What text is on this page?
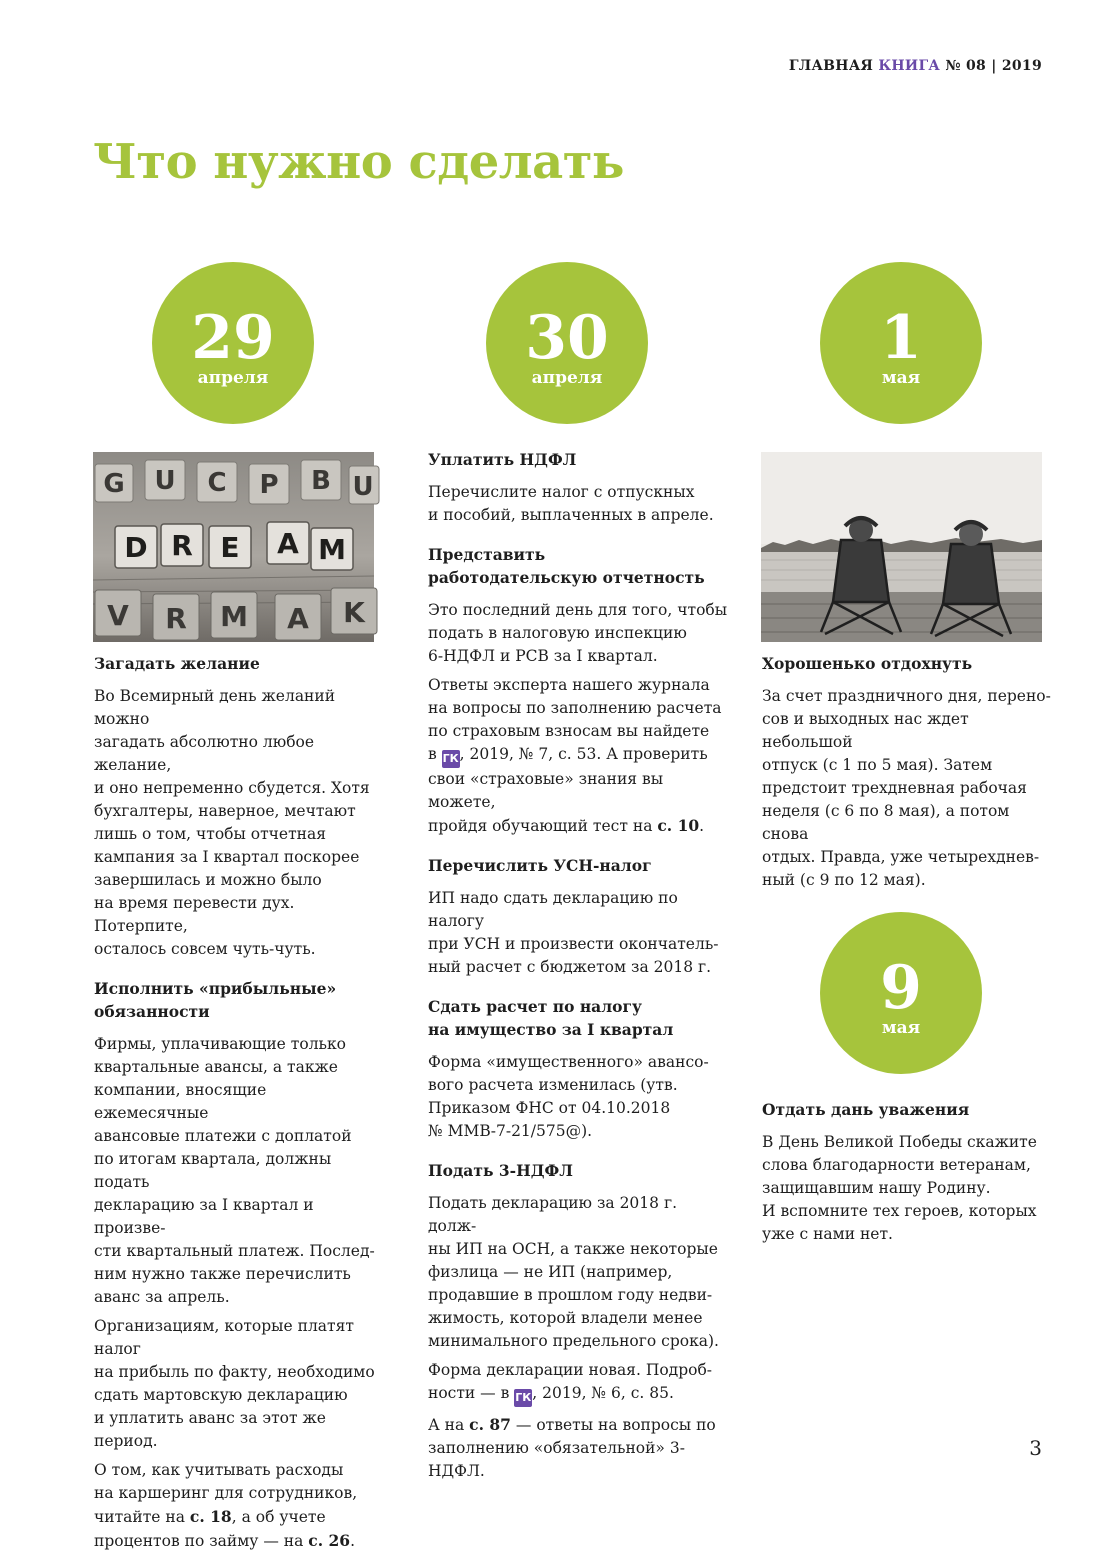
ГЛАВНАЯ КНИГА № 08 | 2019
Что нужно сделать
29
апреля
30
апреля
1
мая
9
мая
G U C P B U
D R E A M
V R M A K
Загадать желание

Во Всемирный день желаний можно
загадать абсолютно любое желание,
и оно непременно сбудется. Хотя
бухгалтеры, наверное, мечтают
лишь о том, чтобы отчетная
кампания за I квартал поскорее
завершилась и можно было
на время перевести дух. Потерпите,
осталось совсем чуть-чуть.

Исполнить «прибыльные»
обязанности

Фирмы, уплачивающие только
квартальные авансы, а также
компании, вносящие ежемесячные
авансовые платежи с доплатой
по итогам квартала, должны подать
декларацию за I квартал и произве-
сти квартальный платеж. Послед-
ним нужно также перечислить
аванс за апрель.

Организациям, которые платят налог
на прибыль по факту, необходимо
сдать мартовскую декларацию
и уплатить аванс за этот же период.

О том, как учитывать расходы
на каршеринг для сотрудников,
читайте на с. 18, а об учете
процентов по займу — на с. 26.

Уплатить НДФЛ

Перечислите налог с отпускных
и пособий, выплаченных в апреле.

Представить
работодательскую отчетность

Это последний день для того, чтобы
подать в налоговую инспекцию
6-НДФЛ и РСВ за I квартал.

Ответы эксперта нашего журнала
на вопросы по заполнению расчета
по страховым взносам вы найдете
в ГК, 2019, № 7, с. 53. А проверить
свои «страховые» знания вы можете,
пройдя обучающий тест на с. 10.

Перечислить УСН-налог

ИП надо сдать декларацию по налогу
при УСН и произвести окончатель-
ный расчет с бюджетом за 2018 г.

Сдать расчет по налогу
на имущество за I квартал

Форма «имущественного» авансо-
вого расчета изменилась (утв.
Приказом ФНС от 04.10.2018
№ ММВ-7-21/575@).

Подать 3-НДФЛ

Подать декларацию за 2018 г. долж-
ны ИП на ОСН, а также некоторые
физлица — не ИП (например,
продавшие в прошлом году недви-
жимость, которой владели менее
минимального предельного срока).

Форма декларации новая. Подроб-
ности — в ГК, 2019, № 6, с. 85.

А на с. 87 — ответы на вопросы по
заполнению «обязательной» 3-НДФЛ.

Хорошенько отдохнуть

За счет праздничного дня, перено-
сов и выходных нас ждет небольшой
отпуск (с 1 по 5 мая). Затем
предстоит трехдневная рабочая
неделя (с 6 по 8 мая), а потом снова
отдых. Правда, уже четырехднев-
ный (с 9 по 12 мая).

Отдать дань уважения

В День Великой Победы скажите
слова благодарности ветеранам,
защищавшим нашу Родину.
И вспомните тех героев, которых
уже с нами нет.

3
